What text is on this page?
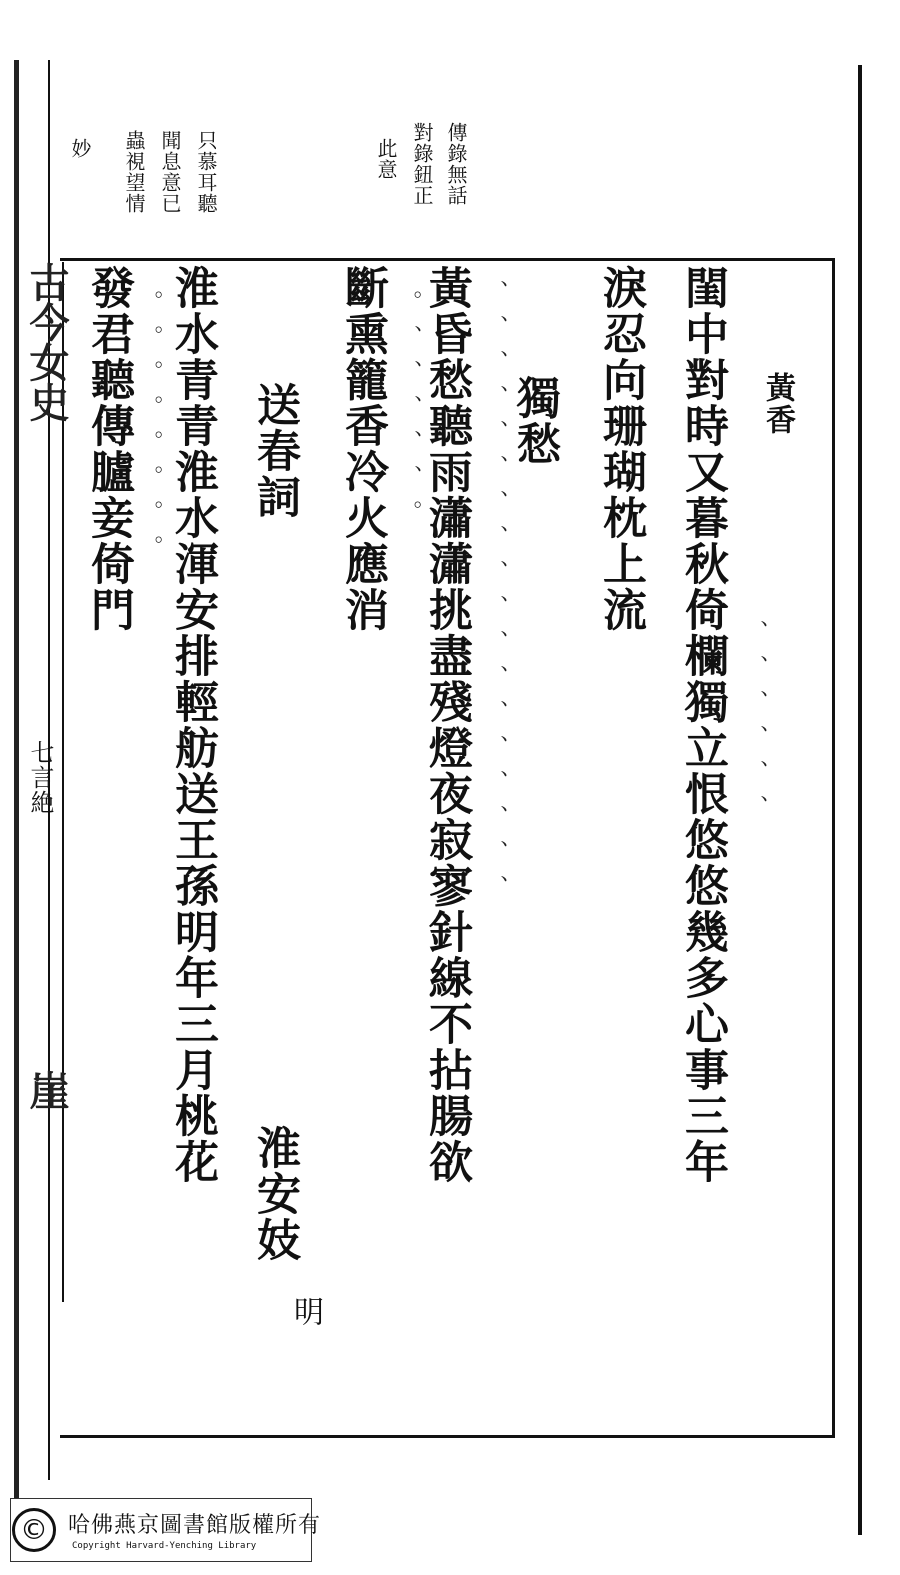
古今女史
七言絶
崖
傳錄無話
對錄鈕正
此意
只慕耳聽
聞息意已
蟲視望情
妙
黃香
閨中對時又暮秋倚欄獨立恨悠悠幾多心事三年
淚忍向珊瑚枕上流
獨愁
黃昏愁聽雨瀟瀟挑盡殘燈夜寂寥針線不拈腸欲
斷熏籠香冷火應消
送春詞
淮安妓
明
淮水青青淮水渾安排輕舫送王孫明年三月桃花
發君聽傳臚妾倚門
、、、、、、
、、、、、、、、、、、、、、、、、、
。、、、、、。
。。。。。。。。
© 哈佛燕京圖書館版權所有
Copyright Harvard-Yenching Library
